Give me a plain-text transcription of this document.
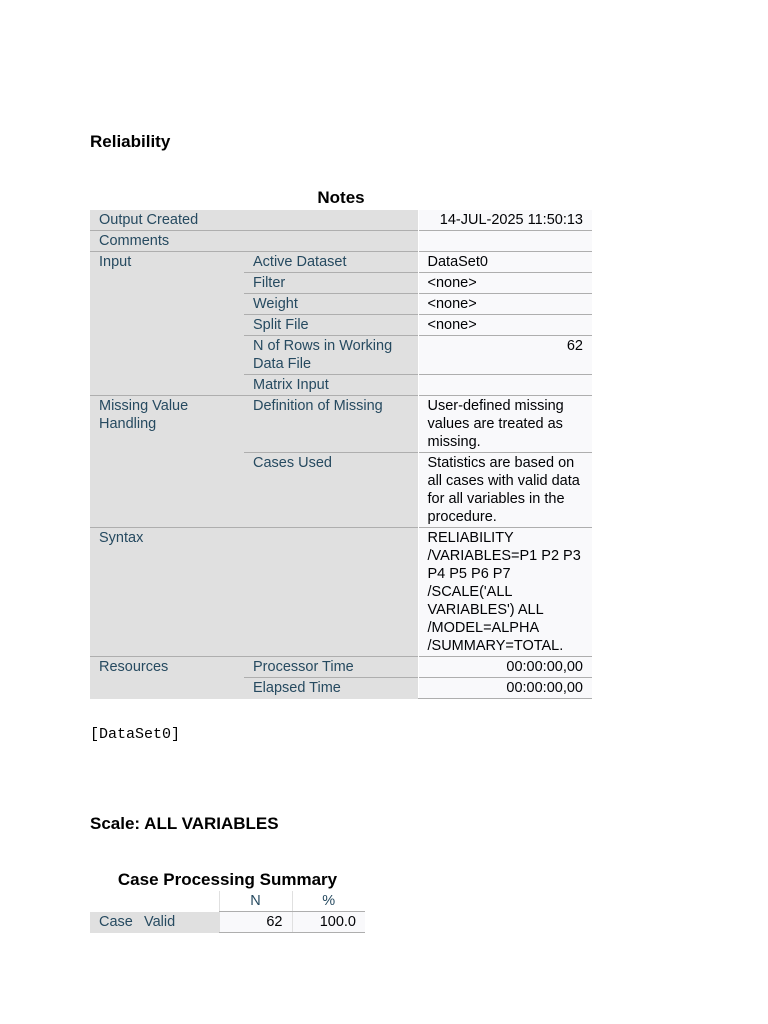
Reliability
Notes
Output Created		14-JUL-2025 11:50:13
Comments		
Input	Active Dataset	DataSet0
	Filter	<none>
	Weight	<none>
	Split File	<none>
	N of Rows in Working Data File	62
	Matrix Input	
Missing Value Handling	Definition of Missing	User-defined missing values are treated as missing.
	Cases Used	Statistics are based on all cases with valid data for all variables in the procedure.
Syntax		RELIABILITY
/VARIABLES=P1 P2 P3 P4 P5 P6 P7
/SCALE('ALL VARIABLES') ALL
/MODEL=ALPHA
/SUMMARY=TOTAL.
Resources	Processor Time	00:00:00,00
	Elapsed Time	00:00:00,00
[DataSet0]
Scale: ALL VARIABLES
Case Processing Summary
		N	%
Case	Valid	62	100.0
